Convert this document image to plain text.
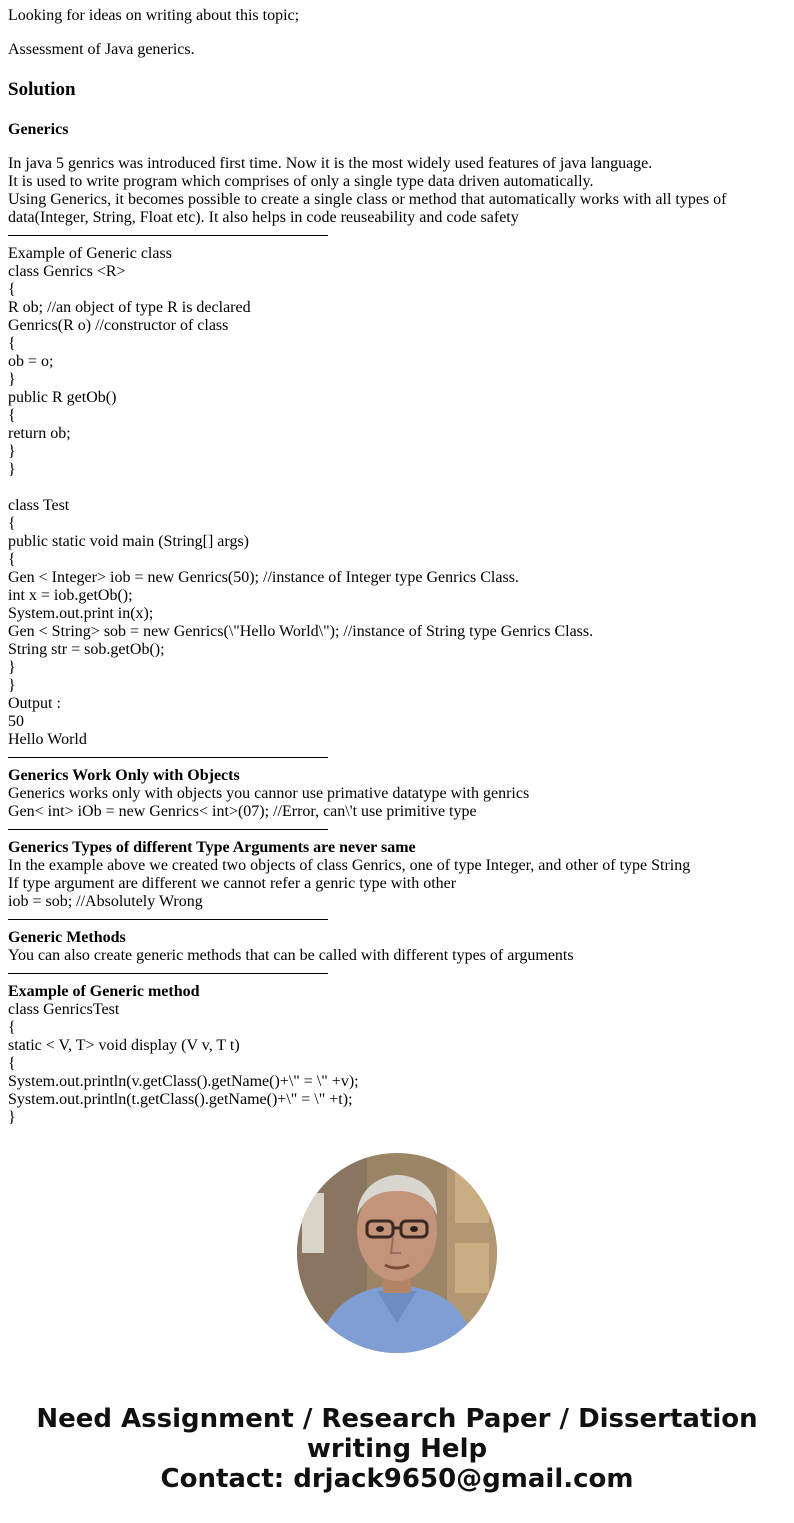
Looking for ideas on writing about this topic;
Assessment of Java generics.
Solution
Generics
In java 5 genrics was introduced first time. Now it is the most widely used features of java language.
It is used to write program which comprises of only a single type data driven automatically.
Using Generics, it becomes possible to create a single class or method that automatically works with all types of data(Integer, String, Float etc). It also helps in code reuseability and code safety
Example of Generic class
class Genrics <R>
{
R ob; //an object of type R is declared
Genrics(R o) //constructor of class
{
ob = o;
}
public R getOb()
{
return ob;
}
}
class Test
{
public static void main (String[] args)
{
Gen < Integer> iob = new Genrics(50); //instance of Integer type Genrics Class.
int x = iob.getOb();
System.out.print in(x);
Gen < String> sob = new Genrics(\"Hello World\"); //instance of String type Genrics Class.
String str = sob.getOb();
}
}
Output :
50
Hello World
Generics Work Only with Objects
Generics works only with objects you cannor use primative datatype with genrics
Gen< int> iOb = new Genrics< int>(07); //Error, can\'t use primitive type
Generics Types of different Type Arguments are never same
In the example above we created two objects of class Genrics, one of type Integer, and other of type String
If type argument are different we cannot refer a genric type with other
iob = sob; //Absolutely Wrong
Generic Methods
You can also create generic methods that can be called with different types of arguments
Example of Generic method
class GenricsTest
{
static < V, T> void display (V v, T t)
{
System.out.println(v.getClass().getName()+\" = \" +v);
System.out.println(t.getClass().getName()+\" = \" +t);
}
Need Assignment / Research Paper / Dissertation
writing Help
Contact: drjack9650@gmail.com
